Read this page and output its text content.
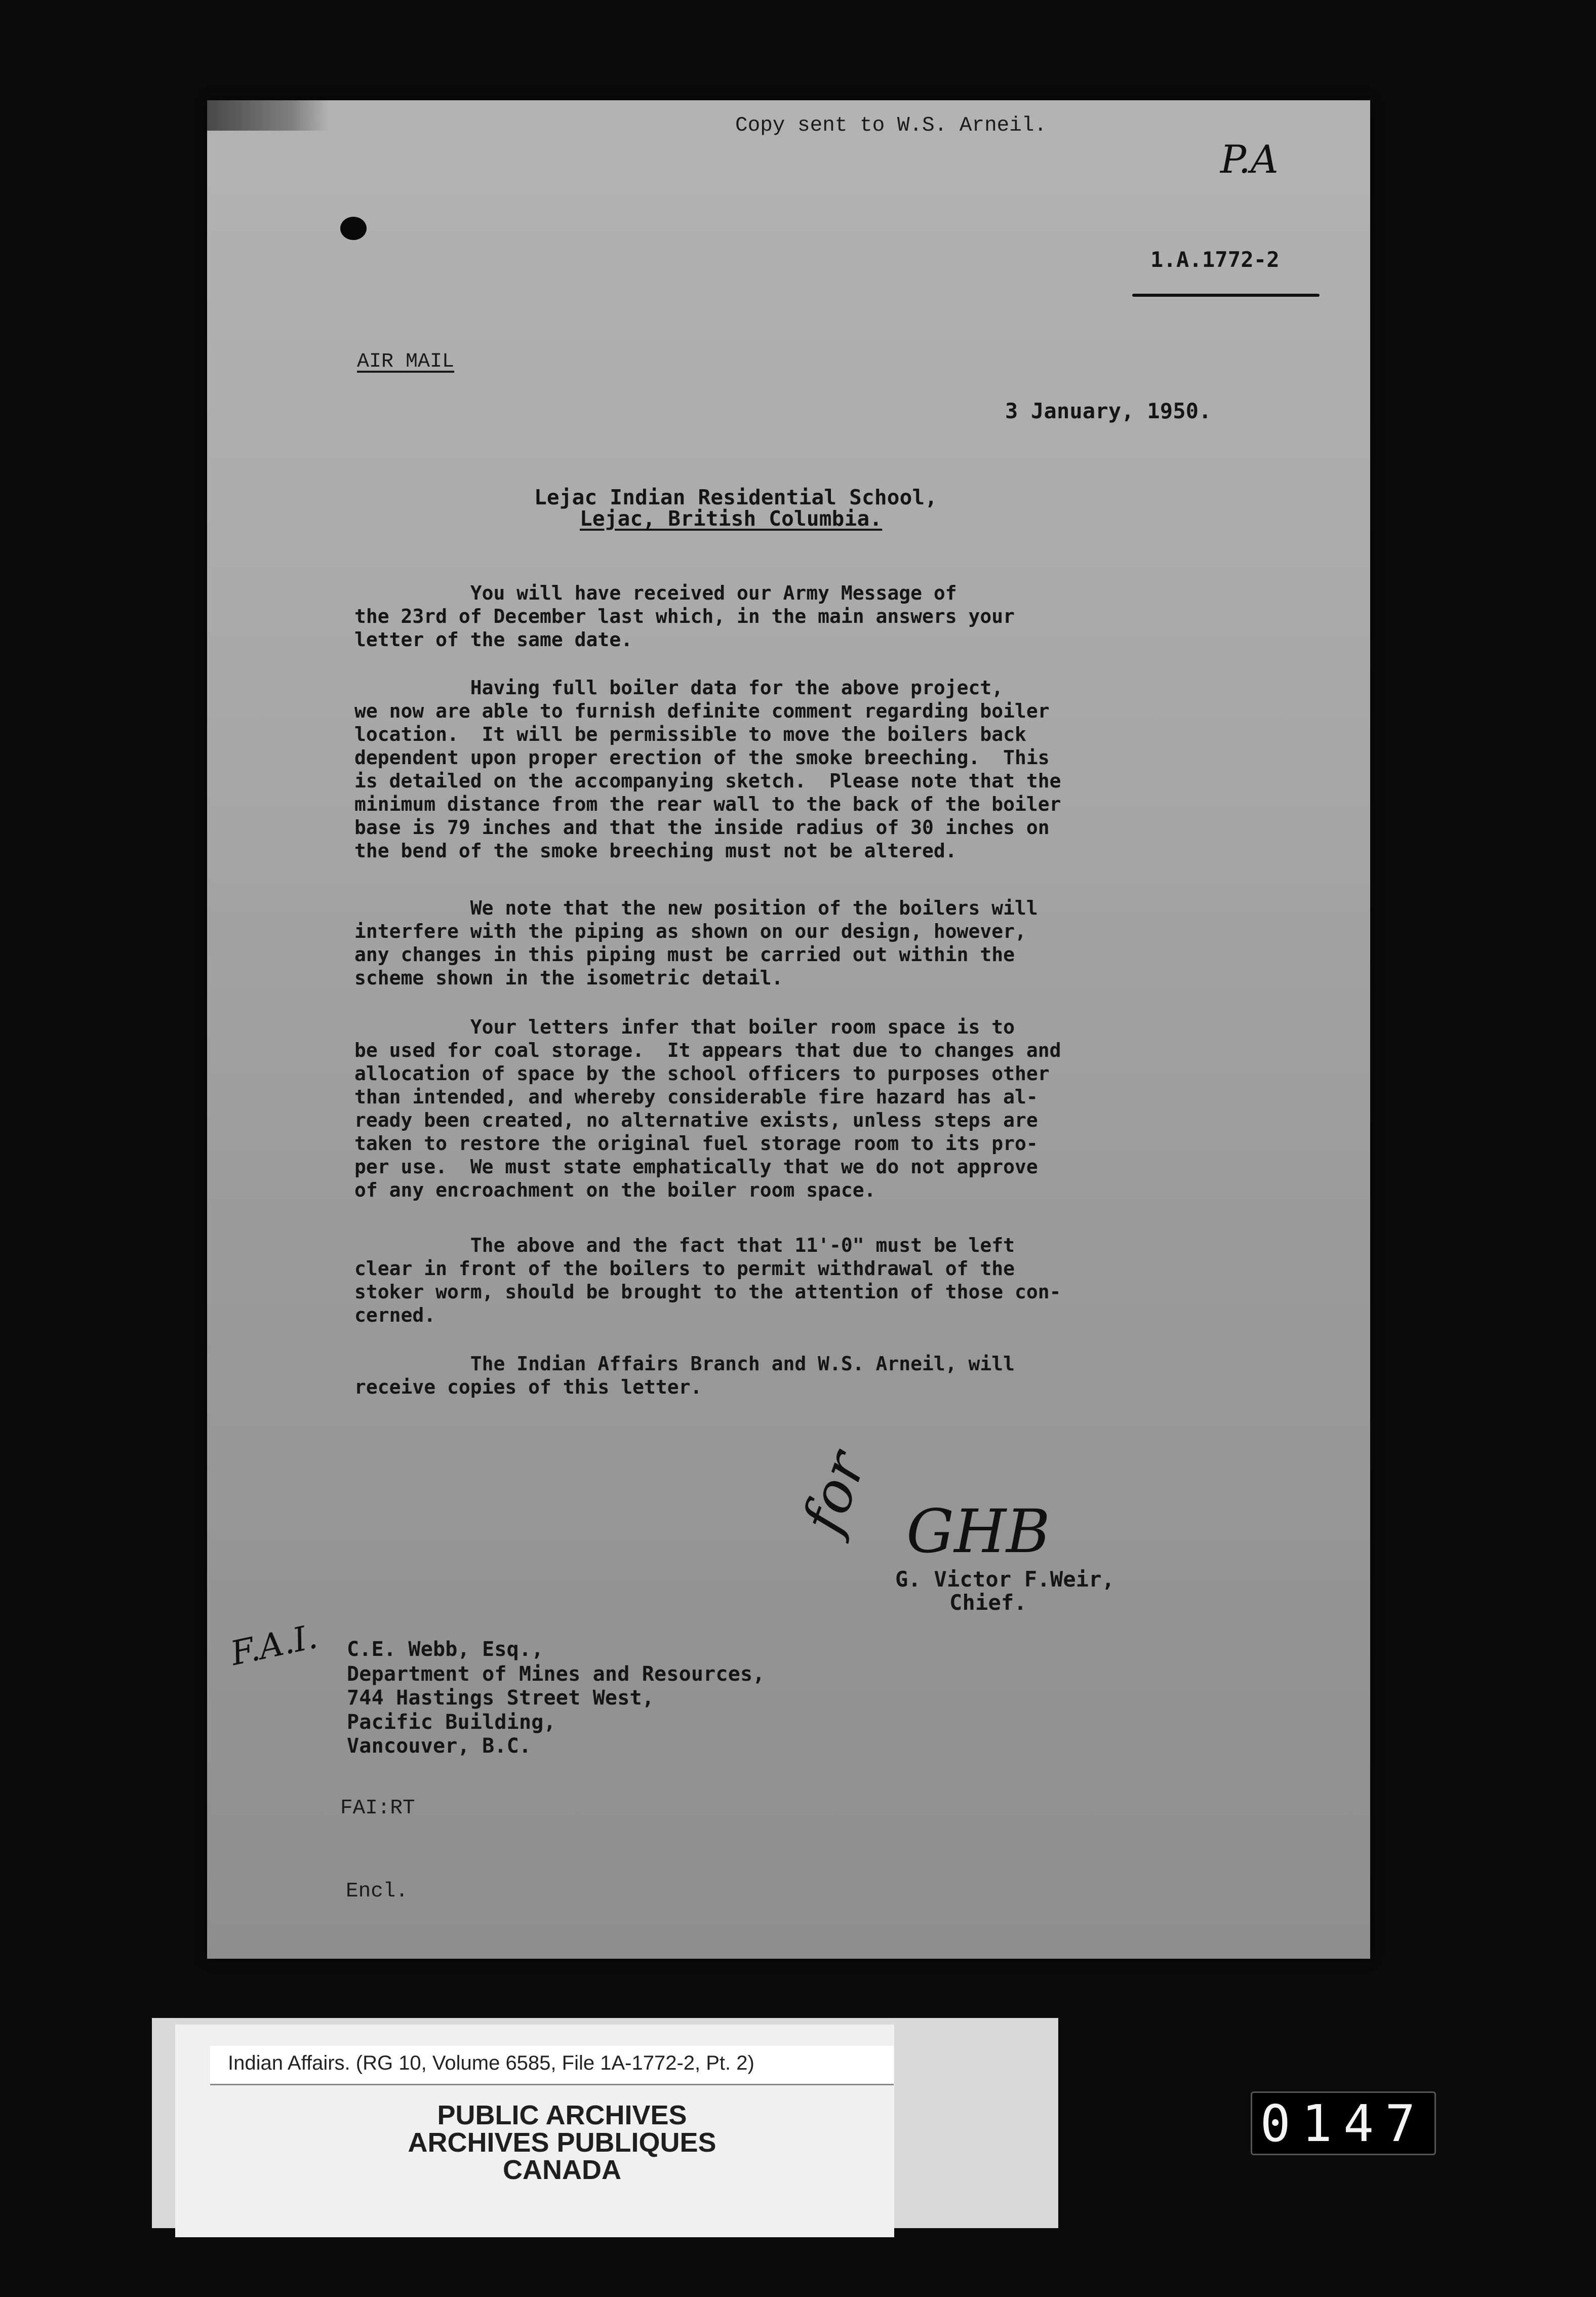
Copy sent to W.S. Arneil.
P.A
1.A.1772-2
AIR MAIL
3 January, 1950.
Lejac Indian Residential School,
Lejac, British Columbia.
You will have received our Army Message of
the 23rd of December last which, in the main answers your
letter of the same date.
Having full boiler data for the above project,
we now are able to furnish definite comment regarding boiler
location.  It will be permissible to move the boilers back
dependent upon proper erection of the smoke breeching.  This
is detailed on the accompanying sketch.  Please note that the
minimum distance from the rear wall to the back of the boiler
base is 79 inches and that the inside radius of 30 inches on
the bend of the smoke breeching must not be altered.
We note that the new position of the boilers will
interfere with the piping as shown on our design, however,
any changes in this piping must be carried out within the
scheme shown in the isometric detail.
Your letters infer that boiler room space is to
be used for coal storage.  It appears that due to changes and
allocation of space by the school officers to purposes other
than intended, and whereby considerable fire hazard has al-
ready been created, no alternative exists, unless steps are
taken to restore the original fuel storage room to its pro-
per use.  We must state emphatically that we do not approve
of any encroachment on the boiler room space.
The above and the fact that 11'-0" must be left
clear in front of the boilers to permit withdrawal of the
stoker worm, should be brought to the attention of those con-
cerned.
The Indian Affairs Branch and W.S. Arneil, will
receive copies of this letter.
for GHB
G. Victor F.Weir,
Chief.
F.A.I. C.E. Webb, Esq.,
Department of Mines and Resources,
744 Hastings Street West,
Pacific Building,
Vancouver, B.C.
FAI:RT
Encl.
Indian Affairs. (RG 10, Volume 6585, File 1A-1772-2, Pt. 2)
PUBLIC ARCHIVES
ARCHIVES PUBLIQUES
CANADA
0147
